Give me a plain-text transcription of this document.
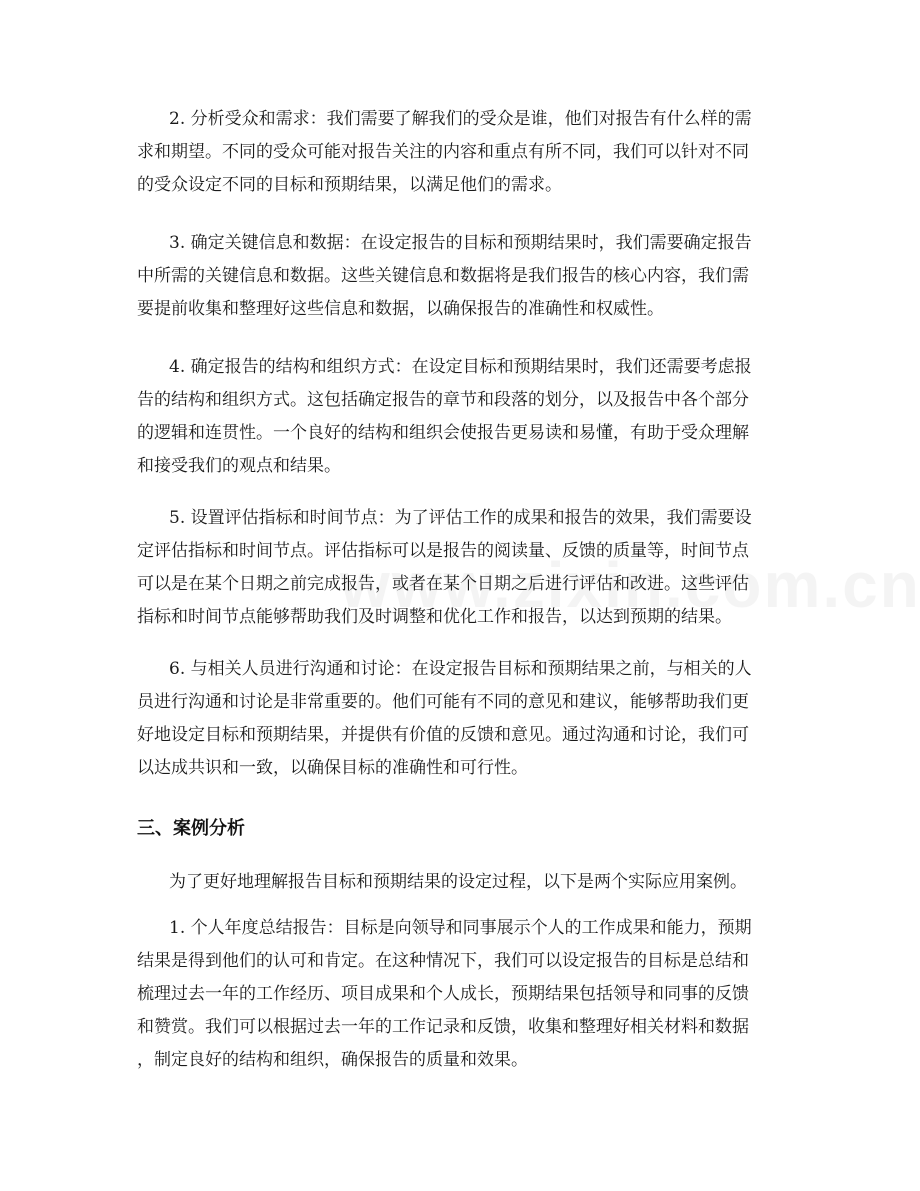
2. 分析受众和需求：我们需要了解我们的受众是谁，他们对报告有什么样的需
求和期望。不同的受众可能对报告关注的内容和重点有所不同，我们可以针对不同
的受众设定不同的目标和预期结果，以满足他们的需求。
3. 确定关键信息和数据：在设定报告的目标和预期结果时，我们需要确定报告
中所需的关键信息和数据。这些关键信息和数据将是我们报告的核心内容，我们需
要提前收集和整理好这些信息和数据，以确保报告的准确性和权威性。
4. 确定报告的结构和组织方式：在设定目标和预期结果时，我们还需要考虑报
告的结构和组织方式。这包括确定报告的章节和段落的划分，以及报告中各个部分
的逻辑和连贯性。一个良好的结构和组织会使报告更易读和易懂，有助于受众理解
和接受我们的观点和结果。
5. 设置评估指标和时间节点：为了评估工作的成果和报告的效果，我们需要设
定评估指标和时间节点。评估指标可以是报告的阅读量、反馈的质量等，时间节点
可以是在某个日期之前完成报告，或者在某个日期之后进行评估和改进。这些评估
指标和时间节点能够帮助我们及时调整和优化工作和报告，以达到预期的结果。
6. 与相关人员进行沟通和讨论：在设定报告目标和预期结果之前，与相关的人
员进行沟通和讨论是非常重要的。他们可能有不同的意见和建议，能够帮助我们更
好地设定目标和预期结果，并提供有价值的反馈和意见。通过沟通和讨论，我们可
以达成共识和一致，以确保目标的准确性和可行性。
三、案例分析
为了更好地理解报告目标和预期结果的设定过程，以下是两个实际应用案例。
1. 个人年度总结报告：目标是向领导和同事展示个人的工作成果和能力，预期
结果是得到他们的认可和肯定。在这种情况下，我们可以设定报告的目标是总结和
梳理过去一年的工作经历、项目成果和个人成长，预期结果包括领导和同事的反馈
和赞赏。我们可以根据过去一年的工作记录和反馈，收集和整理好相关材料和数据
，制定良好的结构和组织，确保报告的质量和效果。
